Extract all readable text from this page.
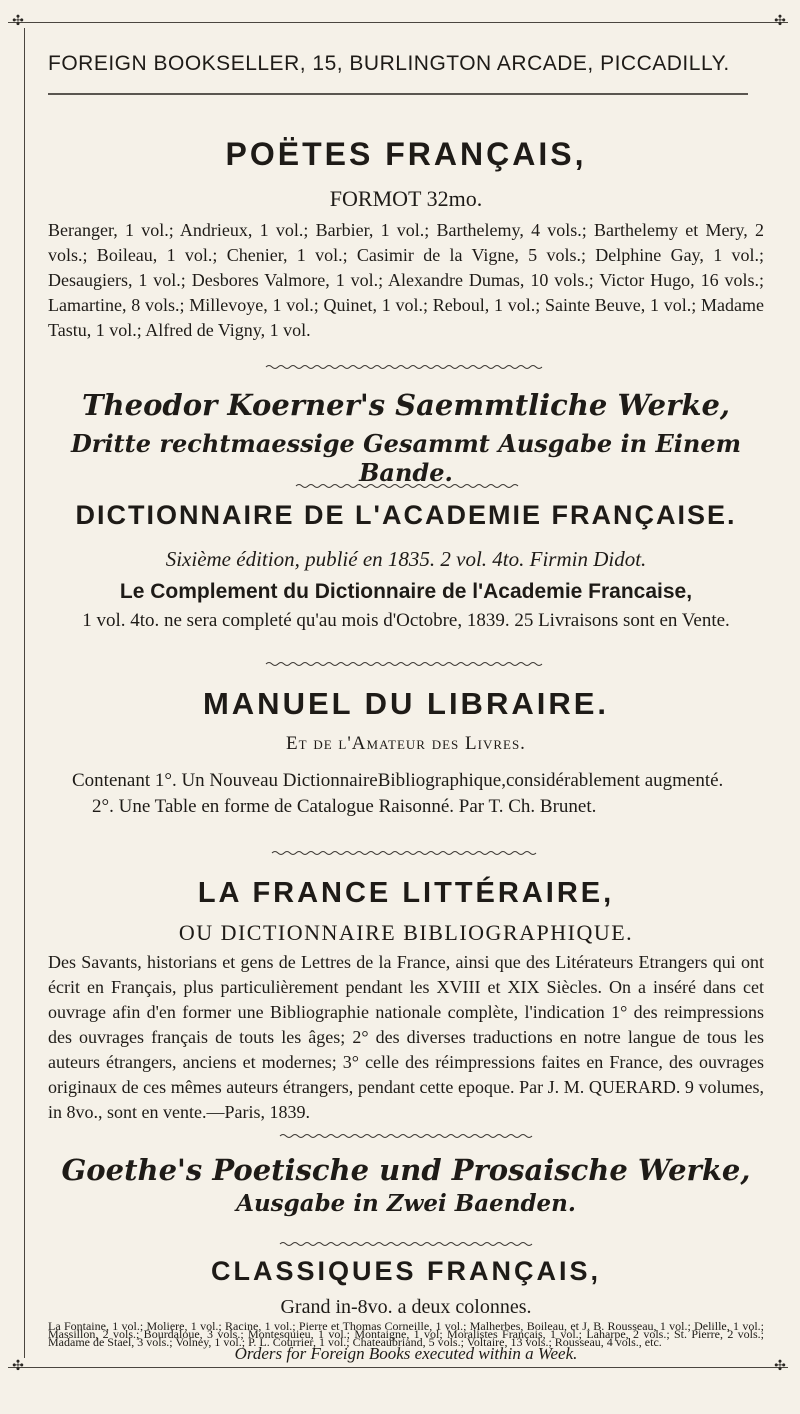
✣	✣
✣	✣
FOREIGN BOOKSELLER, 15, BURLINGTON ARCADE, PICCADILLY.
POËTES FRANÇAIS,
FORMOT 32mo.
Beranger, 1 vol.; Andrieux, 1 vol.; Barbier, 1 vol.; Barthelemy, 4 vols.; Barthelemy et Mery, 2 vols.; Boileau, 1 vol.; Chenier, 1 vol.; Casimir de la Vigne, 5 vols.; Delphine Gay, 1 vol.; Desaugiers, 1 vol.; Desbores Valmore, 1 vol.; Alexandre Dumas, 10 vols.; Victor Hugo, 16 vols.; Lamartine, 8 vols.; Millevoye, 1 vol.; Quinet, 1 vol.; Reboul, 1 vol.; Sainte Beuve, 1 vol.; Madame Tastu, 1 vol.; Alfred de Vigny, 1 vol.
Theodor Koerner's Saemmtliche Werke,
Dritte rechtmaessige Gesammt Ausgabe in Einem Bande.
DICTIONNAIRE DE L'ACADEMIE FRANÇAISE.
Sixième édition, publié en 1835. 2 vol. 4to. Firmin Didot.
Le Complement du Dictionnaire de l'Academie Francaise,
1 vol. 4to. ne sera completé qu'au mois d'Octobre, 1839. 25 Livraisons sont en Vente.
MANUEL DU LIBRAIRE.
Et de l'Amateur des Livres.
Contenant 1°. Un Nouveau DictionnaireBibliographique,considérablement augmenté.
2°. Une Table en forme de Catalogue Raisonné. Par T. Ch. Brunet.
LA FRANCE LITTÉRAIRE,
OU DICTIONNAIRE BIBLIOGRAPHIQUE.
Des Savants, historians et gens de Lettres de la France, ainsi que des Litérateurs Etrangers qui ont écrit en Français, plus particulièrement pendant les XVIII et XIX Siècles. On a inséré dans cet ouvrage afin d'en former une Bibliographie nationale complète, l'indication 1° des reimpressions des ouvrages français de touts les âges; 2° des diverses traductions en notre langue de tous les auteurs étrangers, anciens et modernes; 3° celle des réimpressions faites en France, des ouvrages originaux de ces mêmes auteurs étrangers, pendant cette epoque. Par J. M. QUERARD. 9 volumes, in 8vo., sont en vente.—Paris, 1839.
Goethe's Poetische und Prosaische Werke,
Ausgabe in Zwei Baenden.
CLASSIQUES FRANÇAIS,
Grand in-8vo. a deux colonnes.
La Fontaine, 1 vol.; Moliere, 1 vol.; Racine, 1 vol.; Pierre et Thomas Corneille, 1 vol.; Malherbes, Boileau, et J. B. Rousseau, 1 vol.; Delille, 1 vol.; Massillon, 2 vols.; Bourdaloue, 3 vols.; Montesquieu, 1 vol.; Montaigne, 1 vol; Moralistes Français, 1 vol.; Laharpe, 2 vols.; St. Pierre, 2 vols.; Madame de Stael, 3 vols.; Volney, 1 vol.; P. L. Courrier, 1 vol.; Chateaubriand, 5 vols.; Voltaire, 13 vols.; Rousseau, 4 vols., etc.
Orders for Foreign Books executed within a Week.
